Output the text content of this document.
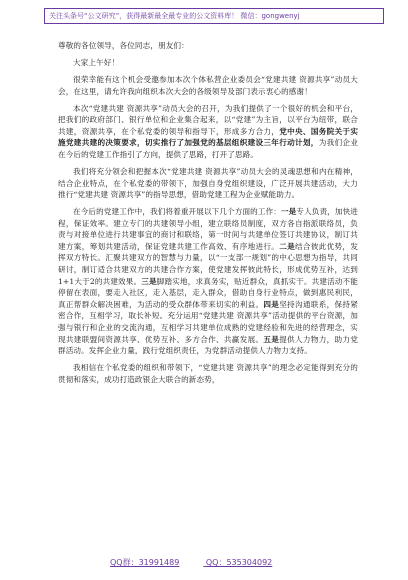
关注头条号“公文研究”，获得最新最全最专业的公文资料库！ 微信：gongwenyj

尊敬的各位领导，各位同志，朋友们：

大家上午好！

很荣幸能有这个机会受邀参加本次个体私营企业委员会“党建共建 资源共享”动员大会，在这里，请允许我向组织本次大会的各级领导及部门表示衷心的感谢！

本次“党建共建 资源共享”动员大会的召开，为我们提供了一个很好的机会和平台，把我们的政府部门、银行单位和企业集合起来，以“党建”为主旨，以平台为纽带，联合共建，资源共享，在个私党委的领导和指导下，形成多方合力，党中央、国务院关于实施党建共建的决策要求，切实推行了加强党的基层组织建设三年行动计划，为我们企业在今后的党建工作指引了方向，提供了思路，打开了思路。

我们将充分领会和把握本次“党建共建 资源共享”动员大会的灵魂思想和内在精神，结合企业特点，在个私党委的带领下，加强自身党组织建设，广泛开展共建活动，大力推行“党建共建 资源共享”的指导思想，借助党建工程为企业赋能助力。

在今后的党建工作中，我们将着重开展以下几个方面的工作：一是专人负责，加快进程，保证效率。建立专门的共建领导小组，建立联络员制度，双方各自指派联络员，负责与对接单位进行共建事宜的商讨和联络，第一时间与共建单位签订共建协议，制订共建方案，筹划共建活动，保证党建共建工作高效、有序地进行。二是结合彼此优势，发挥双方特长。汇聚共建双方的智慧与力量，以“一支部一规划”的中心思想为指导，共同研讨，制订适合共建双方的共建合作方案，使党建发挥彼此特长，形成优势互补，达到1+1大于2的共建效果。三是脚踏实地，求真务实，贴近群众，真抓实干。共建活动不能停留在表面，要走入社区，走入基层，走入群众，借助自身行业特点，做到惠民利民，真正帮群众解决困难，为活动的受众群体带来切实的利益。四是坚持沟通联系，保持紧密合作，互相学习，取长补短。充分运用“党建共建 资源共享”活动提供的平台资源，加强与银行和企业的交流沟通，互相学习共建单位成熟的党建经验和先进的经营理念，实现共建联盟间资源共享、优势互补、多方合作、共赢发展。五是提供人力物力，助力党群活动。发挥企业力量，践行党组织责任，为党群活动提供人力物力支持。

我相信在个私党委的组织和带领下，“党建共建 资源共享”的理念必定能得到充分的贯彻和落实，成功打造政银企大联合的新态势，

QQ群：31991489	QQ：535304092
